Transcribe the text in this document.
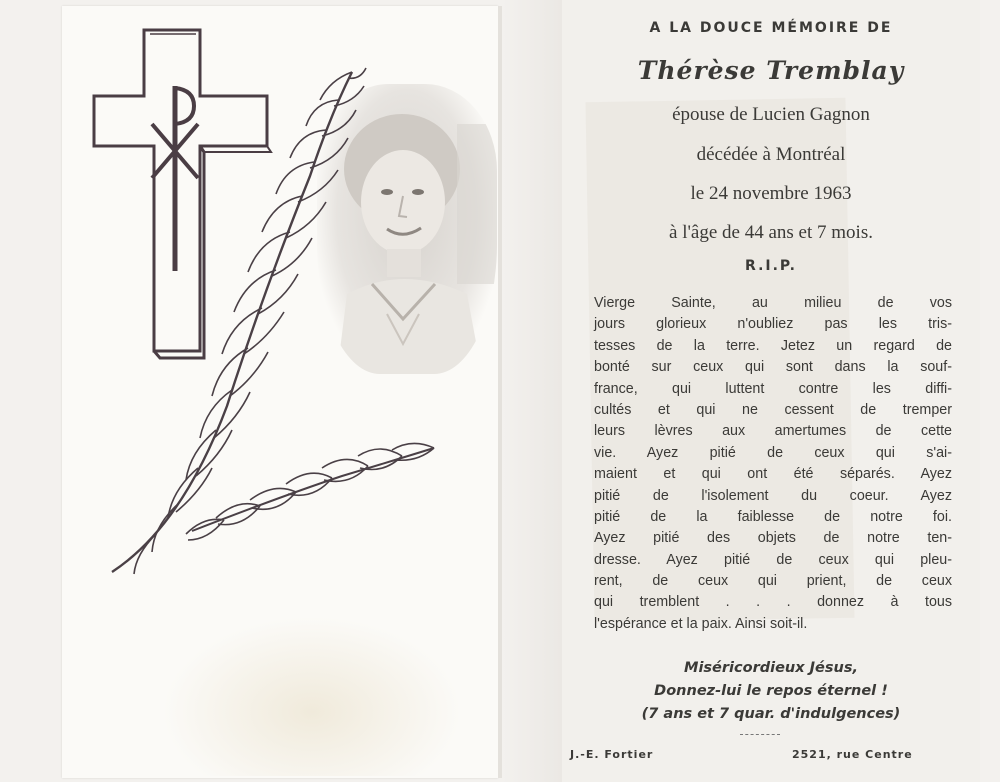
A LA DOUCE MÉMOIRE DE
Thérèse Tremblay
épouse de Lucien Gagnon
décédée à Montréal
le 24 novembre 1963
à l'âge de 44 ans et 7 mois.
R.I.P.
Vierge Sainte, au milieu de vos
jours glorieux n'oubliez pas les tris-
tesses de la terre. Jetez un regard de
bonté sur ceux qui sont dans la souf-
france, qui luttent contre les diffi-
cultés et qui ne cessent de tremper
leurs lèvres aux amertumes de cette
vie. Ayez pitié de ceux qui s'ai-
maient et qui ont été séparés. Ayez
pitié de l'isolement du coeur. Ayez
pitié de la faiblesse de notre foi.
Ayez pitié des objets de notre ten-
dresse. Ayez pitié de ceux qui pleu-
rent, de ceux qui prient, de ceux
qui tremblent . . . donnez à tous
l'espérance et la paix. Ainsi soit-il.
Miséricordieux Jésus,
Donnez-lui le repos éternel !
(7 ans et 7 quar. d'indulgences)
J.-E. Fortier	2521, rue Centre
